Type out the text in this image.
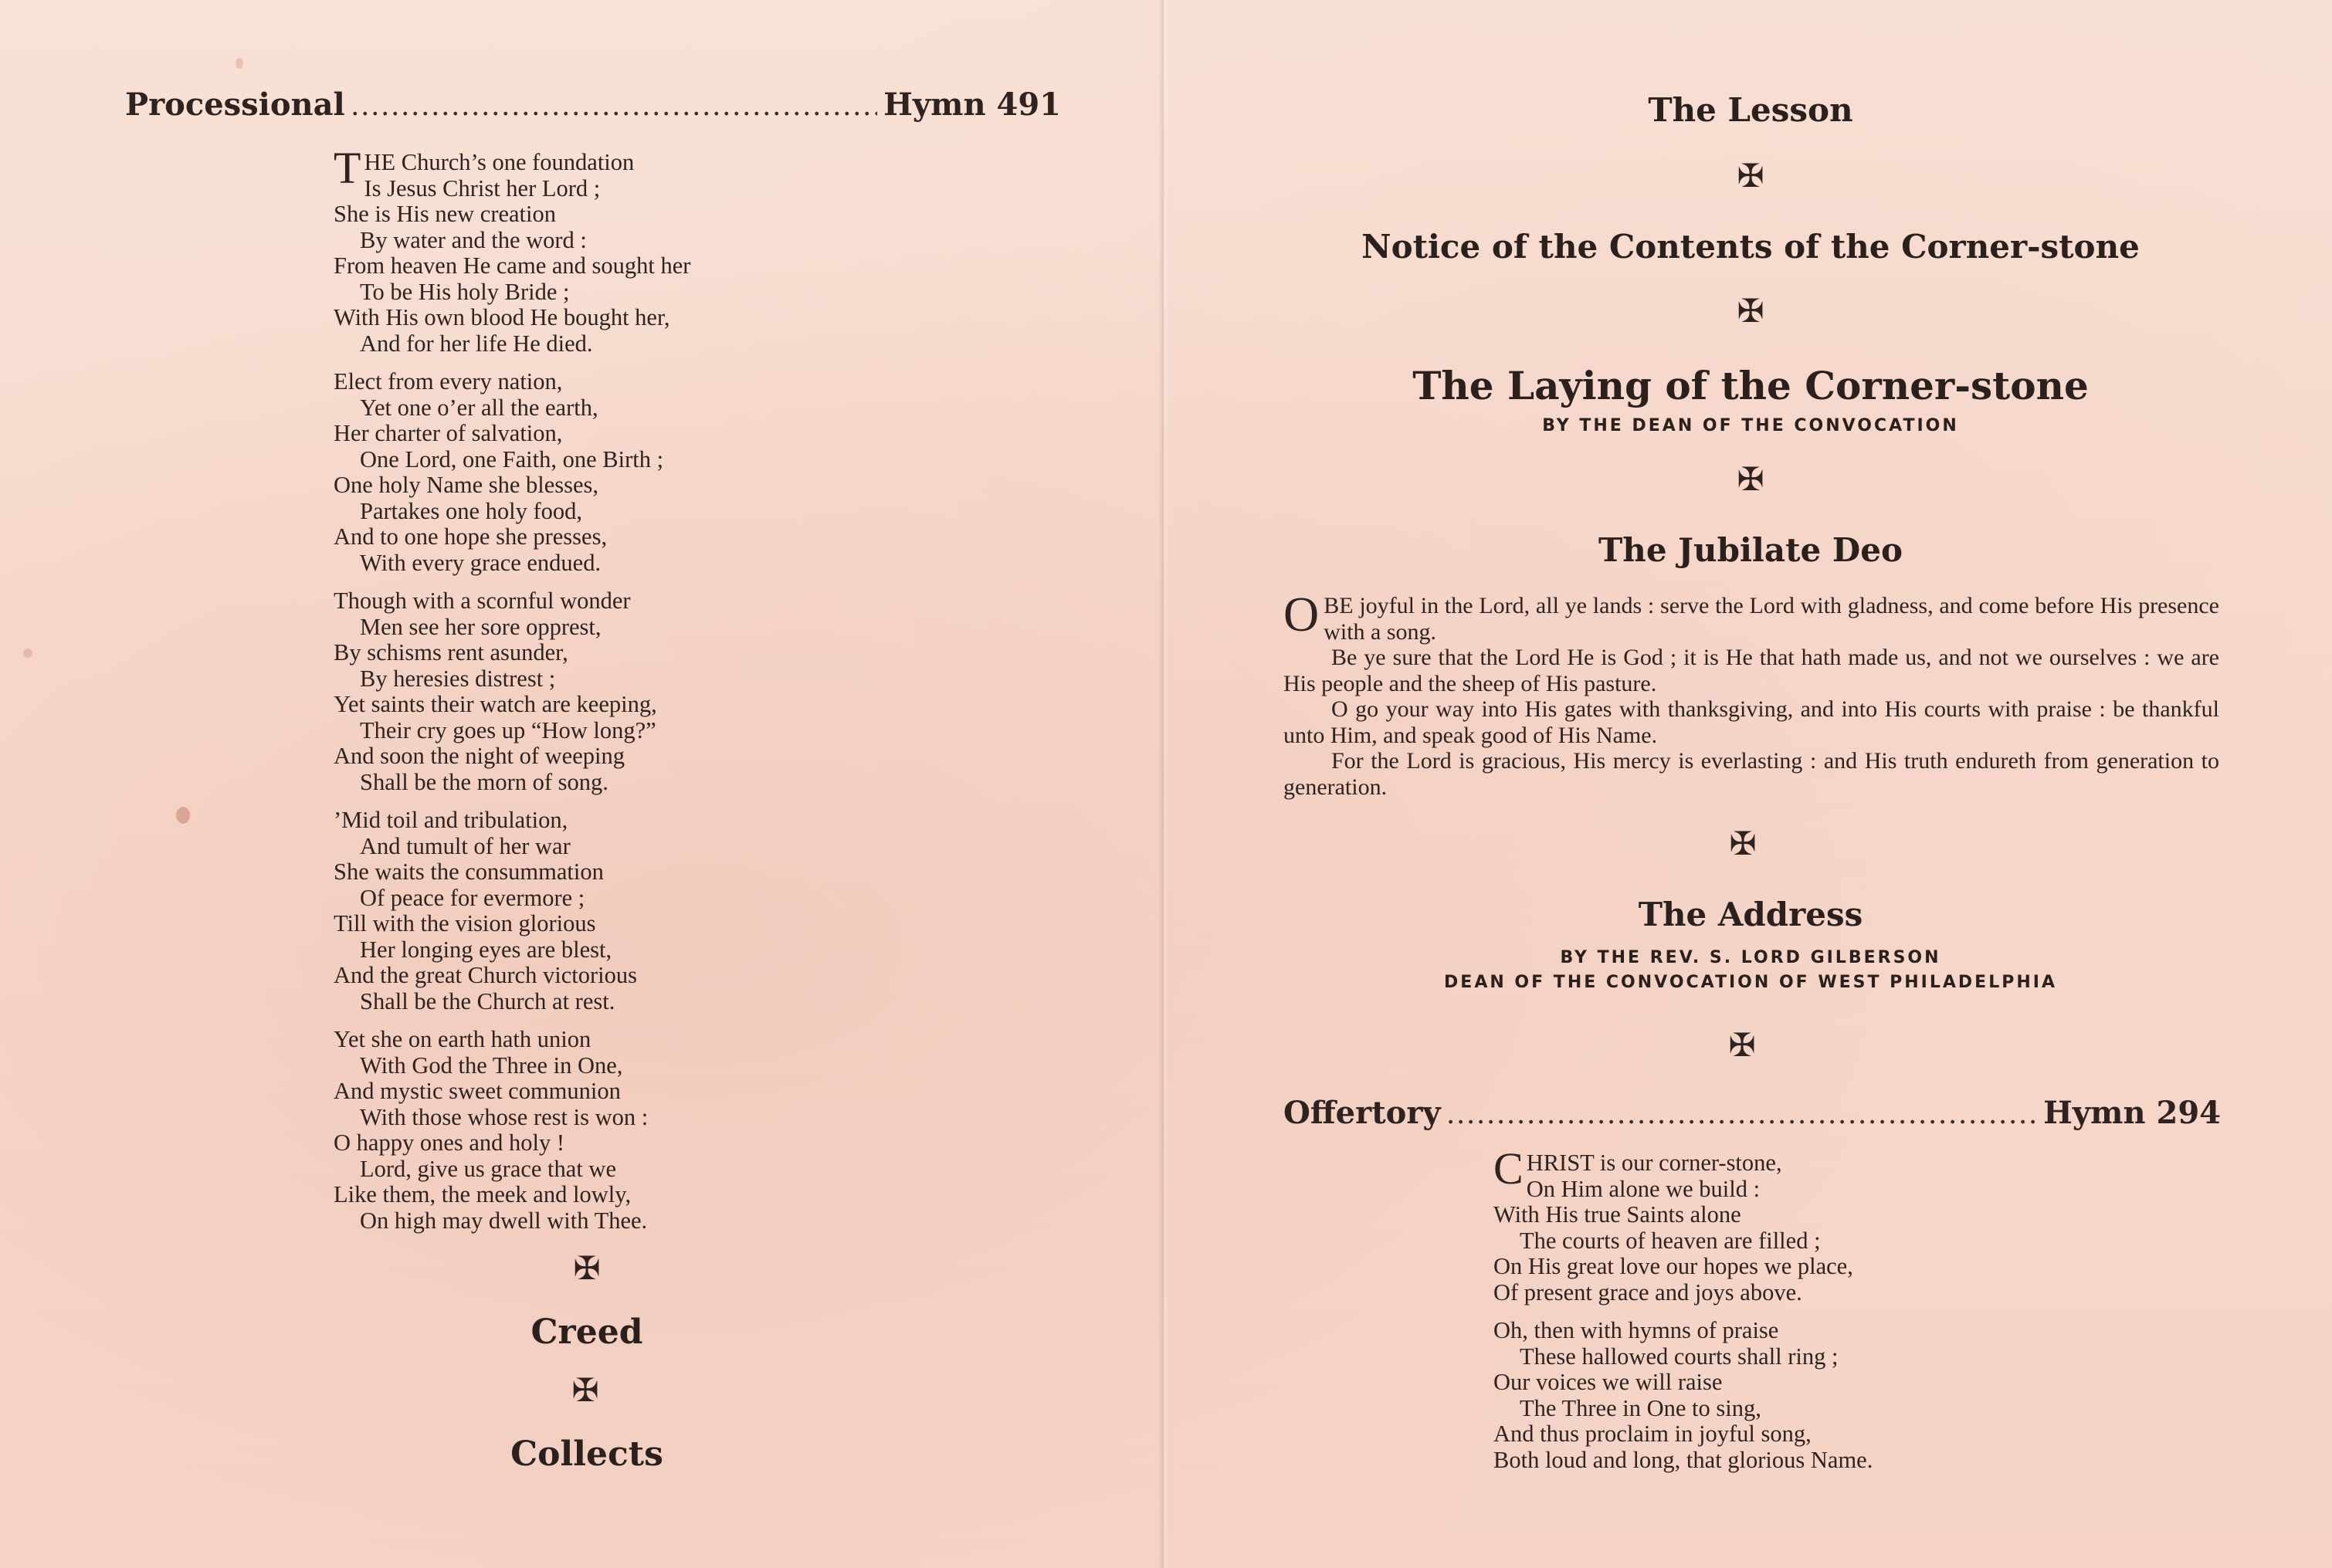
Processional .....	Hymn 491
T HE Church’s one foundation
Is Jesus Christ her Lord ;
She is His new creation
By water and the word :
From heaven He came and sought her
To be His holy Bride ;
With His own blood He bought her,
And for her life He died.
Elect from every nation,
Yet one o’er all the earth,
Her charter of salvation,
One Lord, one Faith, one Birth ;
One holy Name she blesses,
Partakes one holy food,
And to one hope she presses,
With every grace endued.
Though with a scornful wonder
Men see her sore opprest,
By schisms rent asunder,
By heresies distrest ;
Yet saints their watch are keeping,
Their cry goes up “How long?”
And soon the night of weeping
Shall be the morn of song.
’Mid toil and tribulation,
And tumult of her war
She waits the consummation
Of peace for evermore ;
Till with the vision glorious
Her longing eyes are blest,
And the great Church victorious
Shall be the Church at rest.
Yet she on earth hath union
With God the Three in One,
And mystic sweet communion
With those whose rest is won :
O happy ones and holy !
Lord, give us grace that we
Like them, the meek and lowly,
On high may dwell with Thee.
✠
Creed
✠
Collects
The Lesson
✠
Notice of the Contents of the Corner-stone
✠
The Laying of the Corner-stone
BY THE DEAN OF THE CONVOCATION
✠
The Jubilate Deo

O BE joyful in the Lord, all ye lands : serve the Lord with gladness, and come before His presence with a song.

Be ye sure that the Lord He is God ; it is He that hath made us, and not we ourselves : we are His people and the sheep of His pasture.

O go your way into His gates with thanksgiving, and into His courts with praise : be thankful unto Him, and speak good of His Name.

For the Lord is gracious, His mercy is everlasting : and His truth endureth from generation to generation.

✠
The Address
BY THE REV. S. LORD GILBERSON
DEAN OF THE CONVOCATION OF WEST PHILADELPHIA
✠
Offertory .....	Hymn 294
C HRIST is our corner-stone,
On Him alone we build :
With His true Saints alone
The courts of heaven are filled ;
On His great love our hopes we place,
Of present grace and joys above.
Oh, then with hymns of praise
These hallowed courts shall ring ;
Our voices we will raise
The Three in One to sing,
And thus proclaim in joyful song,
Both loud and long, that glorious Name.
